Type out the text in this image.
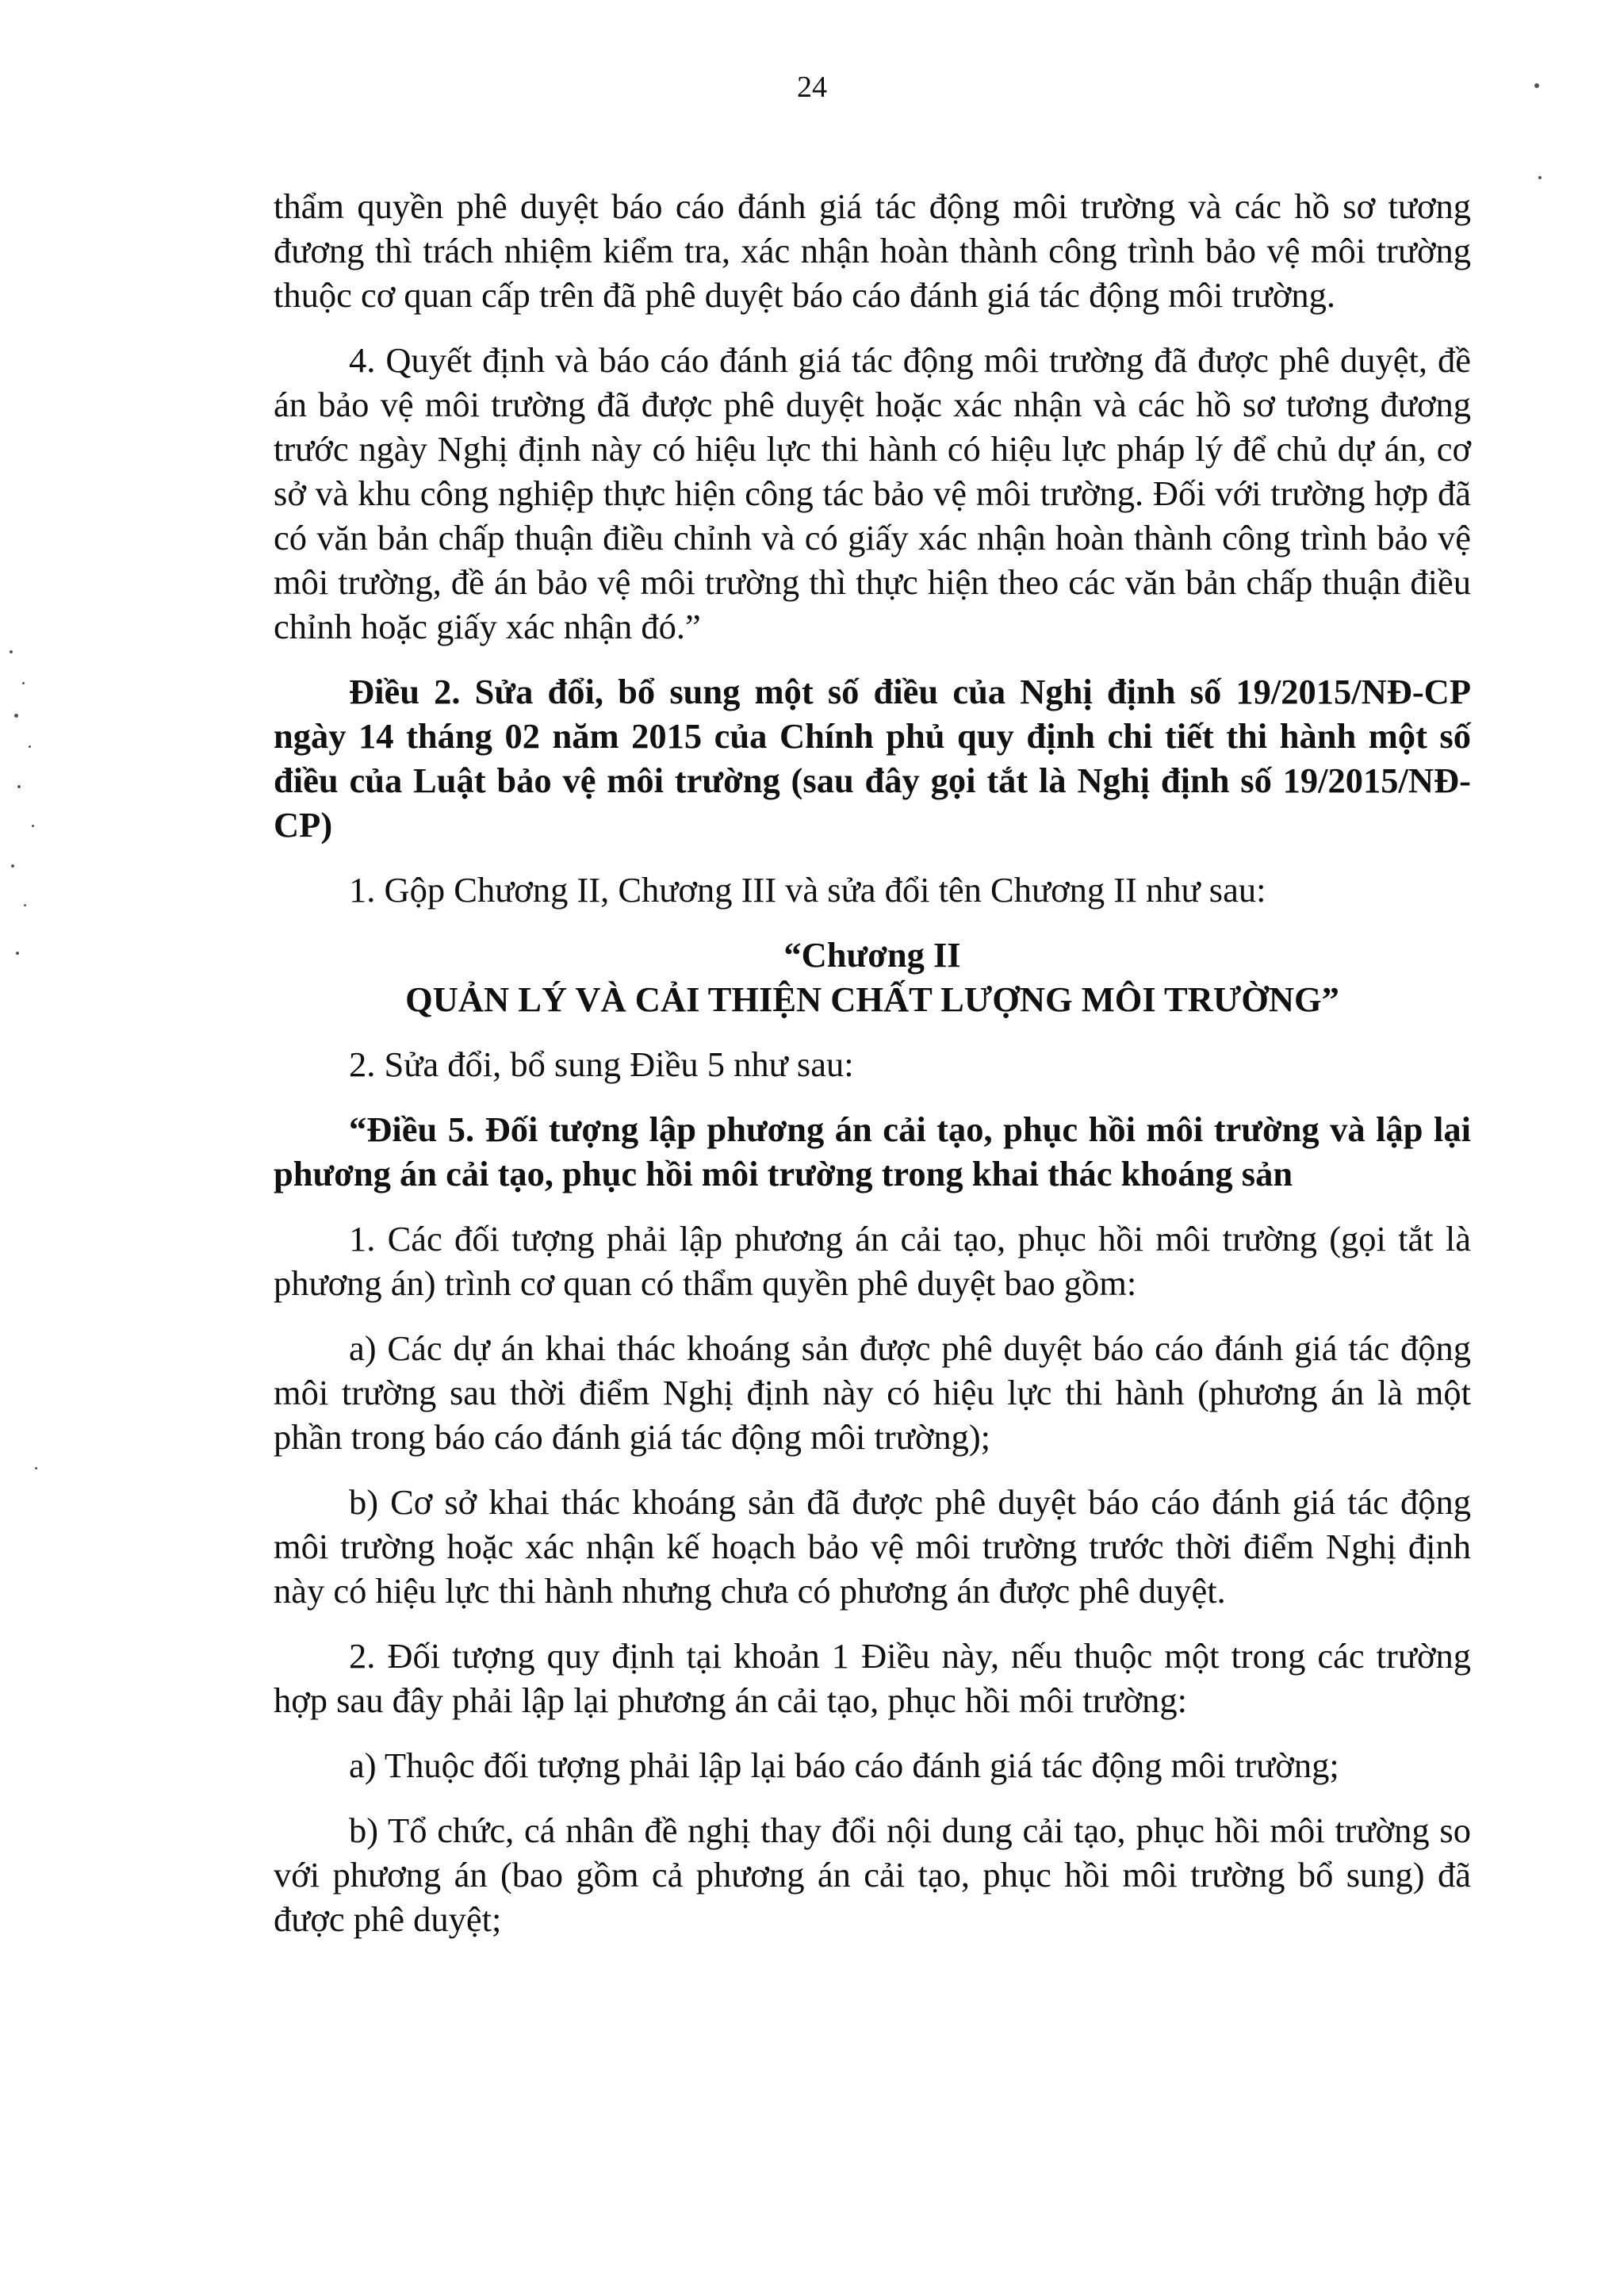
24

thẩm quyền phê duyệt báo cáo đánh giá tác động môi trường và các hồ sơ tương đương thì trách nhiệm kiểm tra, xác nhận hoàn thành công trình bảo vệ môi trường thuộc cơ quan cấp trên đã phê duyệt báo cáo đánh giá tác động môi trường.

4. Quyết định và báo cáo đánh giá tác động môi trường đã được phê duyệt, đề án bảo vệ môi trường đã được phê duyệt hoặc xác nhận và các hồ sơ tương đương trước ngày Nghị định này có hiệu lực thi hành có hiệu lực pháp lý để chủ dự án, cơ sở và khu công nghiệp thực hiện công tác bảo vệ môi trường. Đối với trường hợp đã có văn bản chấp thuận điều chỉnh và có giấy xác nhận hoàn thành công trình bảo vệ môi trường, đề án bảo vệ môi trường thì thực hiện theo các văn bản chấp thuận điều chỉnh hoặc giấy xác nhận đó.”

Điều 2. Sửa đổi, bổ sung một số điều của Nghị định số 19/2015/NĐ-CP ngày 14 tháng 02 năm 2015 của Chính phủ quy định chi tiết thi hành một số điều của Luật bảo vệ môi trường (sau đây gọi tắt là Nghị định số 19/2015/NĐ-CP)

1. Gộp Chương II, Chương III và sửa đổi tên Chương II như sau:

“Chương II
QUẢN LÝ VÀ CẢI THIỆN CHẤT LƯỢNG MÔI TRƯỜNG”

2. Sửa đổi, bổ sung Điều 5 như sau:

“Điều 5. Đối tượng lập phương án cải tạo, phục hồi môi trường và lập lại phương án cải tạo, phục hồi môi trường trong khai thác khoáng sản

1. Các đối tượng phải lập phương án cải tạo, phục hồi môi trường (gọi tắt là phương án) trình cơ quan có thẩm quyền phê duyệt bao gồm:

a) Các dự án khai thác khoáng sản được phê duyệt báo cáo đánh giá tác động môi trường sau thời điểm Nghị định này có hiệu lực thi hành (phương án là một phần trong báo cáo đánh giá tác động môi trường);

b) Cơ sở khai thác khoáng sản đã được phê duyệt báo cáo đánh giá tác động môi trường hoặc xác nhận kế hoạch bảo vệ môi trường trước thời điểm Nghị định này có hiệu lực thi hành nhưng chưa có phương án được phê duyệt.

2. Đối tượng quy định tại khoản 1 Điều này, nếu thuộc một trong các trường hợp sau đây phải lập lại phương án cải tạo, phục hồi môi trường:

a) Thuộc đối tượng phải lập lại báo cáo đánh giá tác động môi trường;

b) Tổ chức, cá nhân đề nghị thay đổi nội dung cải tạo, phục hồi môi trường so với phương án (bao gồm cả phương án cải tạo, phục hồi môi trường bổ sung) đã được phê duyệt;
